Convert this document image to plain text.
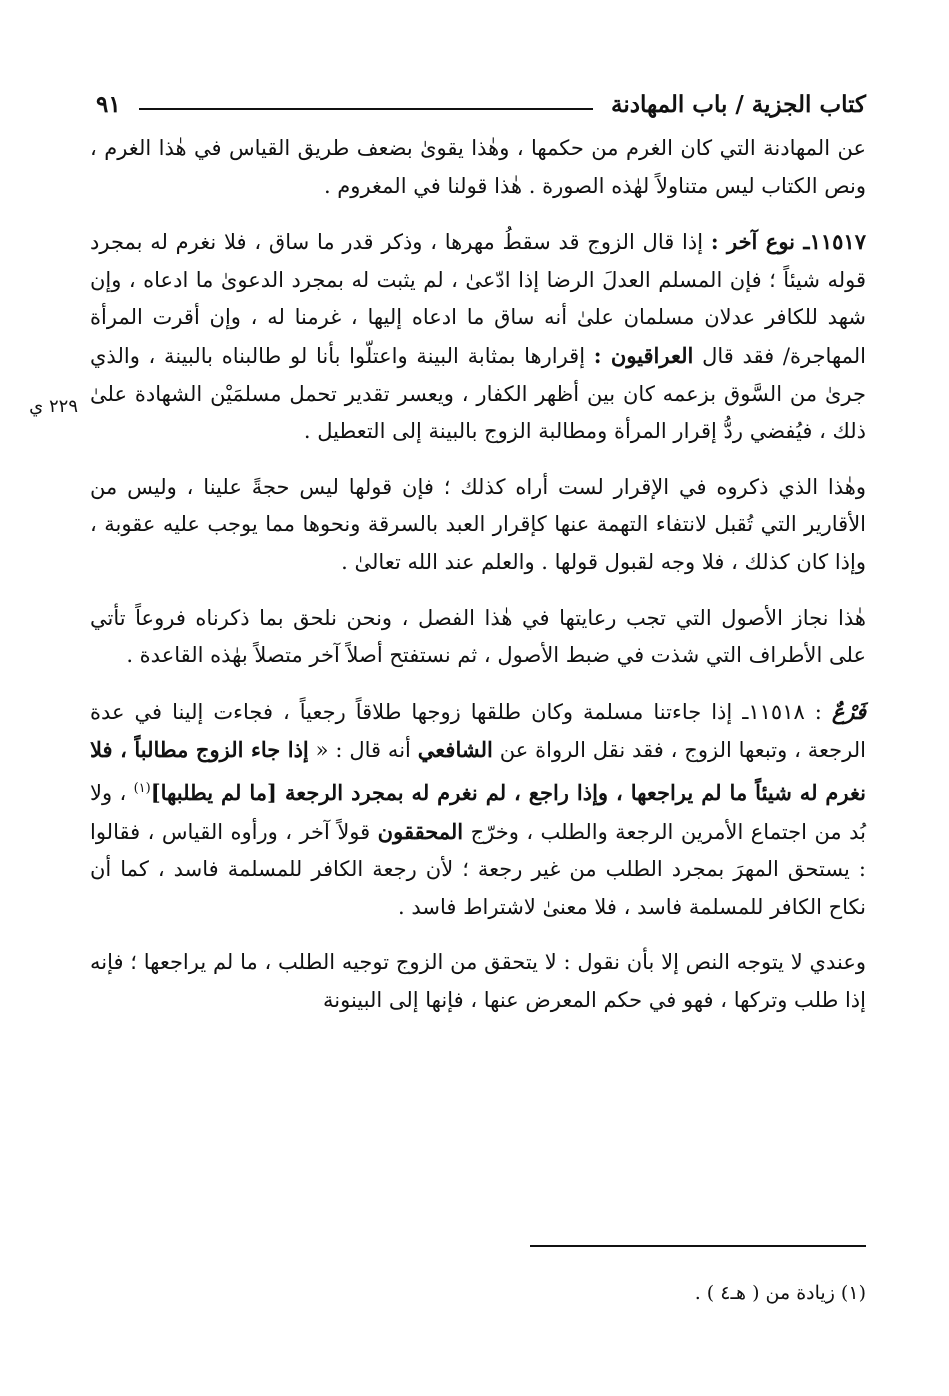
كتاب الجزية / باب المهادنة
٩١
٢٢٩ ي

عن المهادنة التي كان الغرم من حكمها ، وهٰذا يقوىٰ بضعف طريق القياس في هٰذا الغرم ، ونص الكتاب ليس متناولاً لهٰذه الصورة . هٰذا قولنا في المغروم .

١١٥١٧ـ نوع آخر : إذا قال الزوج قد سقطُ مهرها ، وذكر قدر ما ساق ، فلا نغرم له بمجرد قوله شيئاً ؛ فإن المسلم العدلَ الرضا إذا ادّعىٰ ، لم يثبت له بمجرد الدعوىٰ ما ادعاه ، وإن شهد للكافر عدلان مسلمان علىٰ أنه ساق ما ادعاه إليها ، غرمنا له ، وإن أقرت المرأة المهاجرة/ فقد قال العراقيون : إقرارها بمثابة البينة واعتلّوا بأنا لو طالبناه بالبينة ، والذي جرىٰ من السَّوق بزعمه كان بين أظهر الكفار ، ويعسر تقدير تحمل مسلمَيْن الشهادة علىٰ ذلك ، فيُفضي ردُّ إقرار المرأة ومطالبة الزوج بالبينة إلى التعطيل .

وهٰذا الذي ذكروه في الإقرار لست أراه كذلك ؛ فإن قولها ليس حجةً علينا ، وليس من الأقارير التي تُقبل لانتفاء التهمة عنها كإقرار العبد بالسرقة ونحوها مما يوجب عليه عقوبة ، وإذا كان كذلك ، فلا وجه لقبول قولها . والعلم عند الله تعالىٰ .

هٰذا نجاز الأصول التي تجب رعايتها في هٰذا الفصل ، ونحن نلحق بما ذكرناه فروعاً تأتي على الأطراف التي شذت في ضبط الأصول ، ثم نستفتح أصلاً آخر متصلاً بهٰذه القاعدة .

فَرْعٌ : ١١٥١٨ـ إذا جاءتنا مسلمة وكان طلقها زوجها طلاقاً رجعياً ، فجاءت إلينا في عدة الرجعة ، وتبعها الزوج ، فقد نقل الرواة عن الشافعي أنه قال : « إذا جاء الزوج مطالباً ، فلا نغرم له شيئاً ما لم يراجعها ، وإذا راجع ، لم نغرم له بمجرد الرجعة [ما لم يطلبها]$^{(١)}$ ، ولا بُد من اجتماع الأمرين الرجعة والطلب ، وخرّج المحققون قولاً آخر ، ورأوه القياس ، فقالوا : يستحق المهرَ بمجرد الطلب من غير رجعة ؛ لأن رجعة الكافر للمسلمة فاسد ، كما أن نكاح الكافر للمسلمة فاسد ، فلا معنىٰ لاشتراط فاسد .

وعندي لا يتوجه النص إلا بأن نقول : لا يتحقق من الزوج توجيه الطلب ، ما لم يراجعها ؛ فإنه إذا طلب وتركها ، فهو في حكم المعرض عنها ، فإنها إلى البينونة

(١) زيادة من ( هـ٤ ) .
